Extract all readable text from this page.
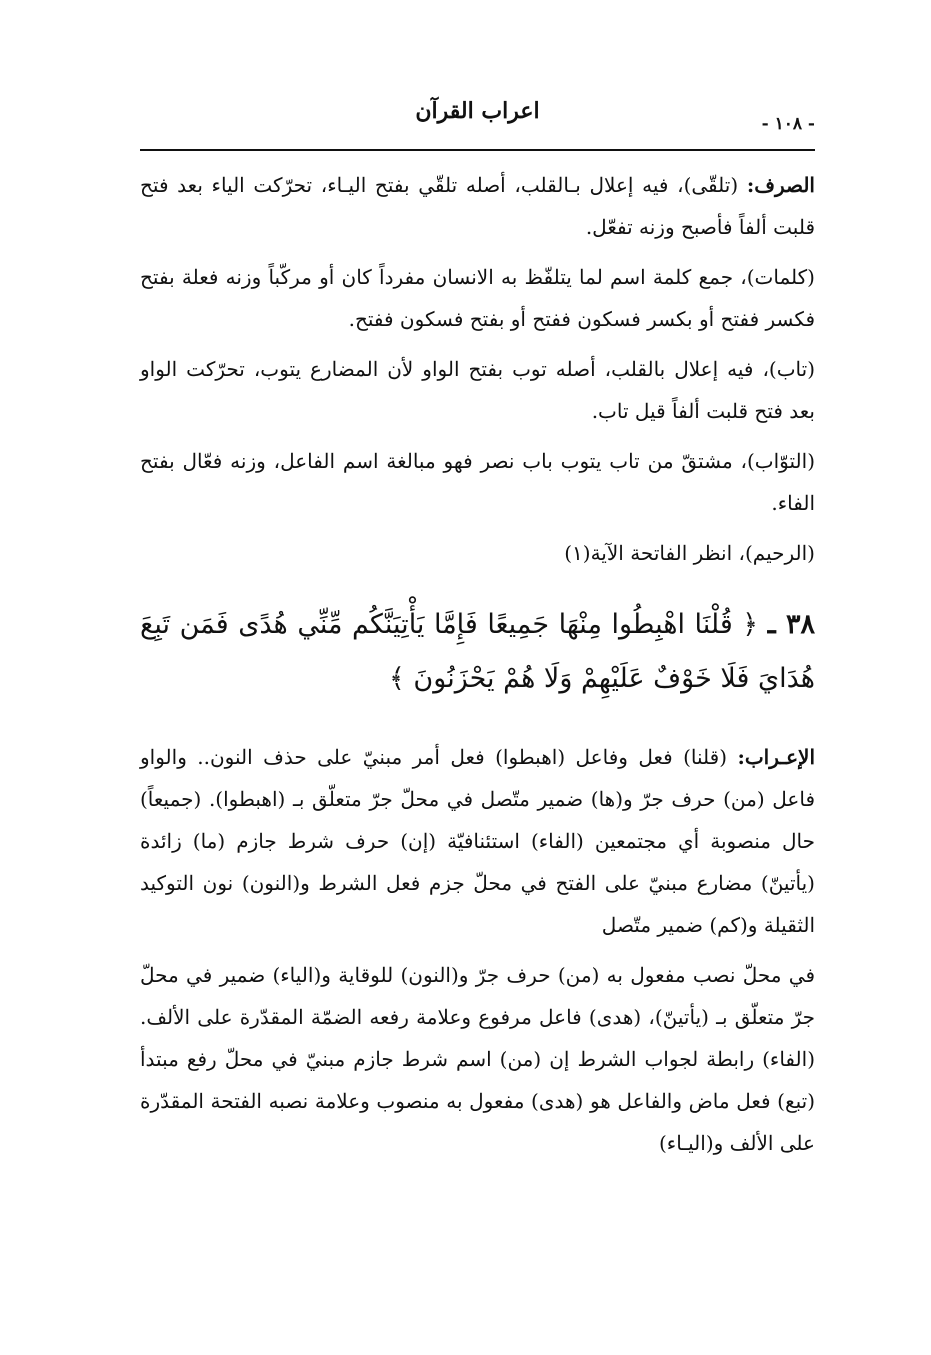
اعراب القرآن	- ١٠٨ -

الصرف: (تلقّى)، فيه إعلال بـالقلب، أصله تلقّي بفتح اليـاء، تحرّكت الياء بعد فتح قلبت ألفاً فأصبح وزنه تفعّل.

(كلمات)، جمع كلمة اسم لما يتلفّظ به الانسان مفرداً كان أو مركّباً وزنه فعلة بفتح فكسر ففتح أو بكسر فسكون ففتح أو بفتح فسكون ففتح.

(تاب)، فيه إعلال بالقلب، أصله توب بفتح الواو لأن المضارع يتوب، تحرّكت الواو بعد فتح قلبت ألفاً قيل تاب.

(التوّاب)، مشتقّ من تاب يتوب باب نصر فهو مبالغة اسم الفاعل، وزنه فعّال بفتح الفاء.

(الرحيم)، انظر الفاتحة الآية(١)

٣٨ ـ ﴿ قُلْنَا اهْبِطُوا مِنْهَا جَمِيعًا فَإِمَّا يَأْتِيَنَّكُم مِّنِّي هُدًى فَمَن تَبِعَ هُدَايَ فَلَا خَوْفٌ عَلَيْهِمْ وَلَا هُمْ يَحْزَنُونَ ﴾

الإعـراب: (قلنا) فعل وفاعل (اهبطوا) فعل أمر مبنيّ على حذف النون.. والواو فاعل (من) حرف جرّ و(ها) ضمير متّصل في محلّ جرّ متعلّق بـ (اهبطوا). (جميعاً) حال منصوبة أي مجتمعين (الفاء) استئنافيّة (إن) حرف شرط جازم (ما) زائدة (يأتينّ) مضارع مبنيّ على الفتح في محلّ جزم فعل الشرط و(النون) نون التوكيد الثقيلة و(كم) ضمير متّصل

في محلّ نصب مفعول به (من) حرف جرّ و(النون) للوقاية و(الياء) ضمير في محلّ جرّ متعلّق بـ (يأتينّ)، (هدى) فاعل مرفوع وعلامة رفعه الضمّة المقدّرة على الألف. (الفاء) رابطة لجواب الشرط إن (من) اسم شرط جازم مبنيّ في محلّ رفع مبتدأ (تبع) فعل ماض والفاعل هو (هدى) مفعول به منصوب وعلامة نصبه الفتحة المقدّرة على الألف و(اليـاء)
